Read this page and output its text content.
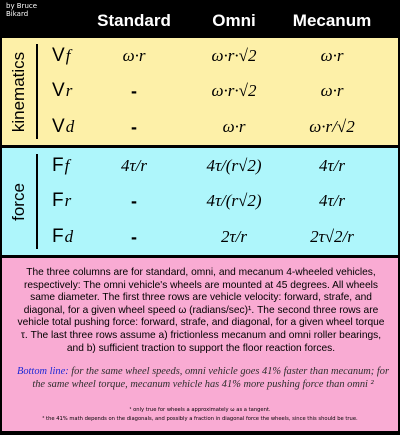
by Bruce Bikard	Standard	Omni	Mecanum
kinematics Vf	ω·r	ω·r·√2	ω·r
Vr	-	ω·r·√2	ω·r
Vd	-	ω·r	ω·r/√2
force
Ff	4τ/r	4τ/(r√2)	4τ/r
Fr	-	4τ/(r√2)	4τ/r
Fd	-	2τ/r	2τ√2/r
The three columns are for standard, omni, and mecanum 4-wheeled vehicles, respectively: The omni vehicle's wheels are mounted at 45 degrees. All wheels same diameter. The first three rows are vehicle velocity: forward, strafe, and diagonal, for a given wheel speed ω (radians/sec)¹. The second three rows are vehicle total pushing force: forward, strafe, and diagonal, for a given wheel torque τ. The last three rows assume a) frictionless mecanum and omni roller bearings, and b) sufficient traction to support the floor reaction forces.
Bottom line: for the same wheel speeds, omni vehicle goes 41% faster than mecanum; for the same wheel torque, mecanum vehicle has 41% more pushing force than omni ²
¹ only true for wheels a approximately ω as a tangent.
² the 41% math depends on the diagonals, and possibly a fraction in diagonal force the wheels, since this should be true.
